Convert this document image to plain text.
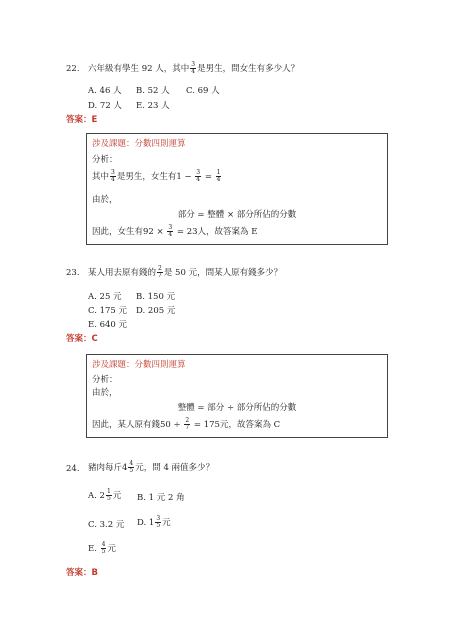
22. 六年級有學生 92 人，其中 $\frac{3}{4}$ 是男生，問女生有多少人？
A. 46 人 B. 52 人 C. 69 人
D. 72 人 E. 23 人
答案：E
涉及課題：分數四則運算
分析：
其中 $\frac{3}{4}$ 是男生，女生有$1 - \frac{3}{4} = \frac{1}{4}$
由於，
部分 = 整體 × 部分所佔的分數
因此，女生有$92 \times \frac{3}{4} = 23$人，故答案為 E
23. 某人用去原有錢的 $\frac{2}{7}$ 是 50 元，問某人原有錢多少？
A. 25 元 B. 150 元
C. 175 元 D. 205 元
E. 640 元
答案：C
涉及課題：分數四則運算
分析：
由於，
整體 = 部分 ÷ 部分所佔的分數
因此，某人原有錢$50 \div \frac{2}{7} = 175$元，故答案為 C
24. 豬肉每斤$4 \frac{4}{5}$ 元，問 4 兩值多少？
A. $2 \frac{1}{5}$ 元 B. 1 元 2 角
C. 3.2 元 D. $1 \frac{3}{5}$ 元
E. $\frac{4}{5}$ 元
答案：B
